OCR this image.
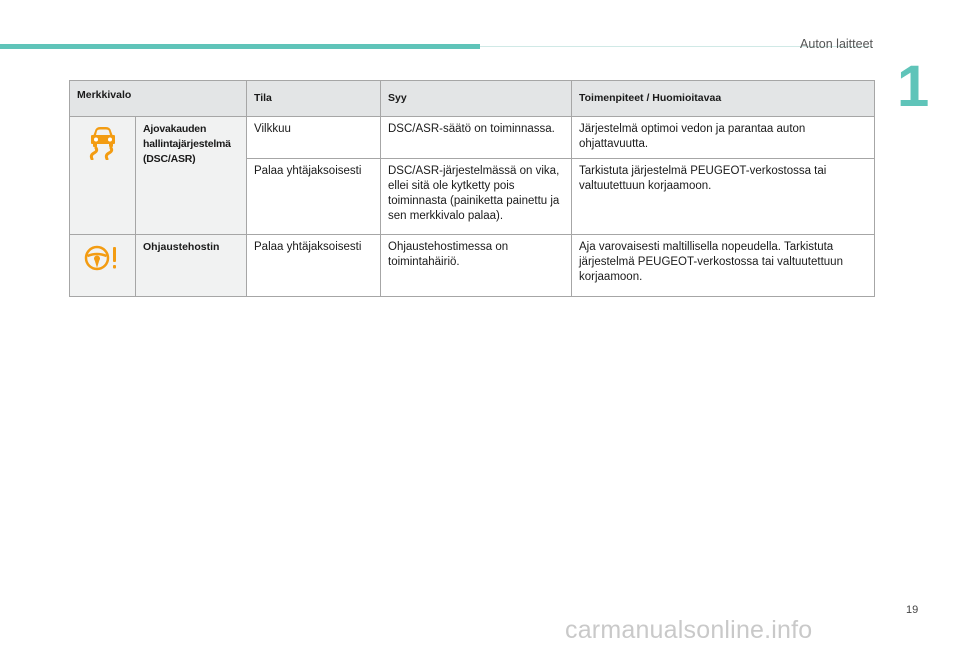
Auton laitteet
1
Merkkivalo		Tila	Syy	Toimenpiteet / Huomioitavaa
	Ajovakauden hallintajärjestelmä (DSC/ASR)	Vilkkuu	DSC/ASR-säätö on toiminnassa.	Järjestelmä optimoi vedon ja parantaa auton ohjattavuutta.
		Palaa yhtäjaksoisesti	DSC/ASR-järjestelmässä on vika, ellei sitä ole kytketty pois toiminnasta (painiketta painettu ja sen merkkivalo palaa).	Tarkistuta järjestelmä PEUGEOT-verkostossa tai valtuutettuun korjaamoon.
	Ohjaustehostin	Palaa yhtäjaksoisesti	Ohjaustehostimessa on toimintahäiriö.	Aja varovaisesti maltillisella nopeudella. Tarkistuta järjestelmä PEUGEOT-verkostossa tai valtuutettuun korjaamoon.
19
carmanualsonline.info
